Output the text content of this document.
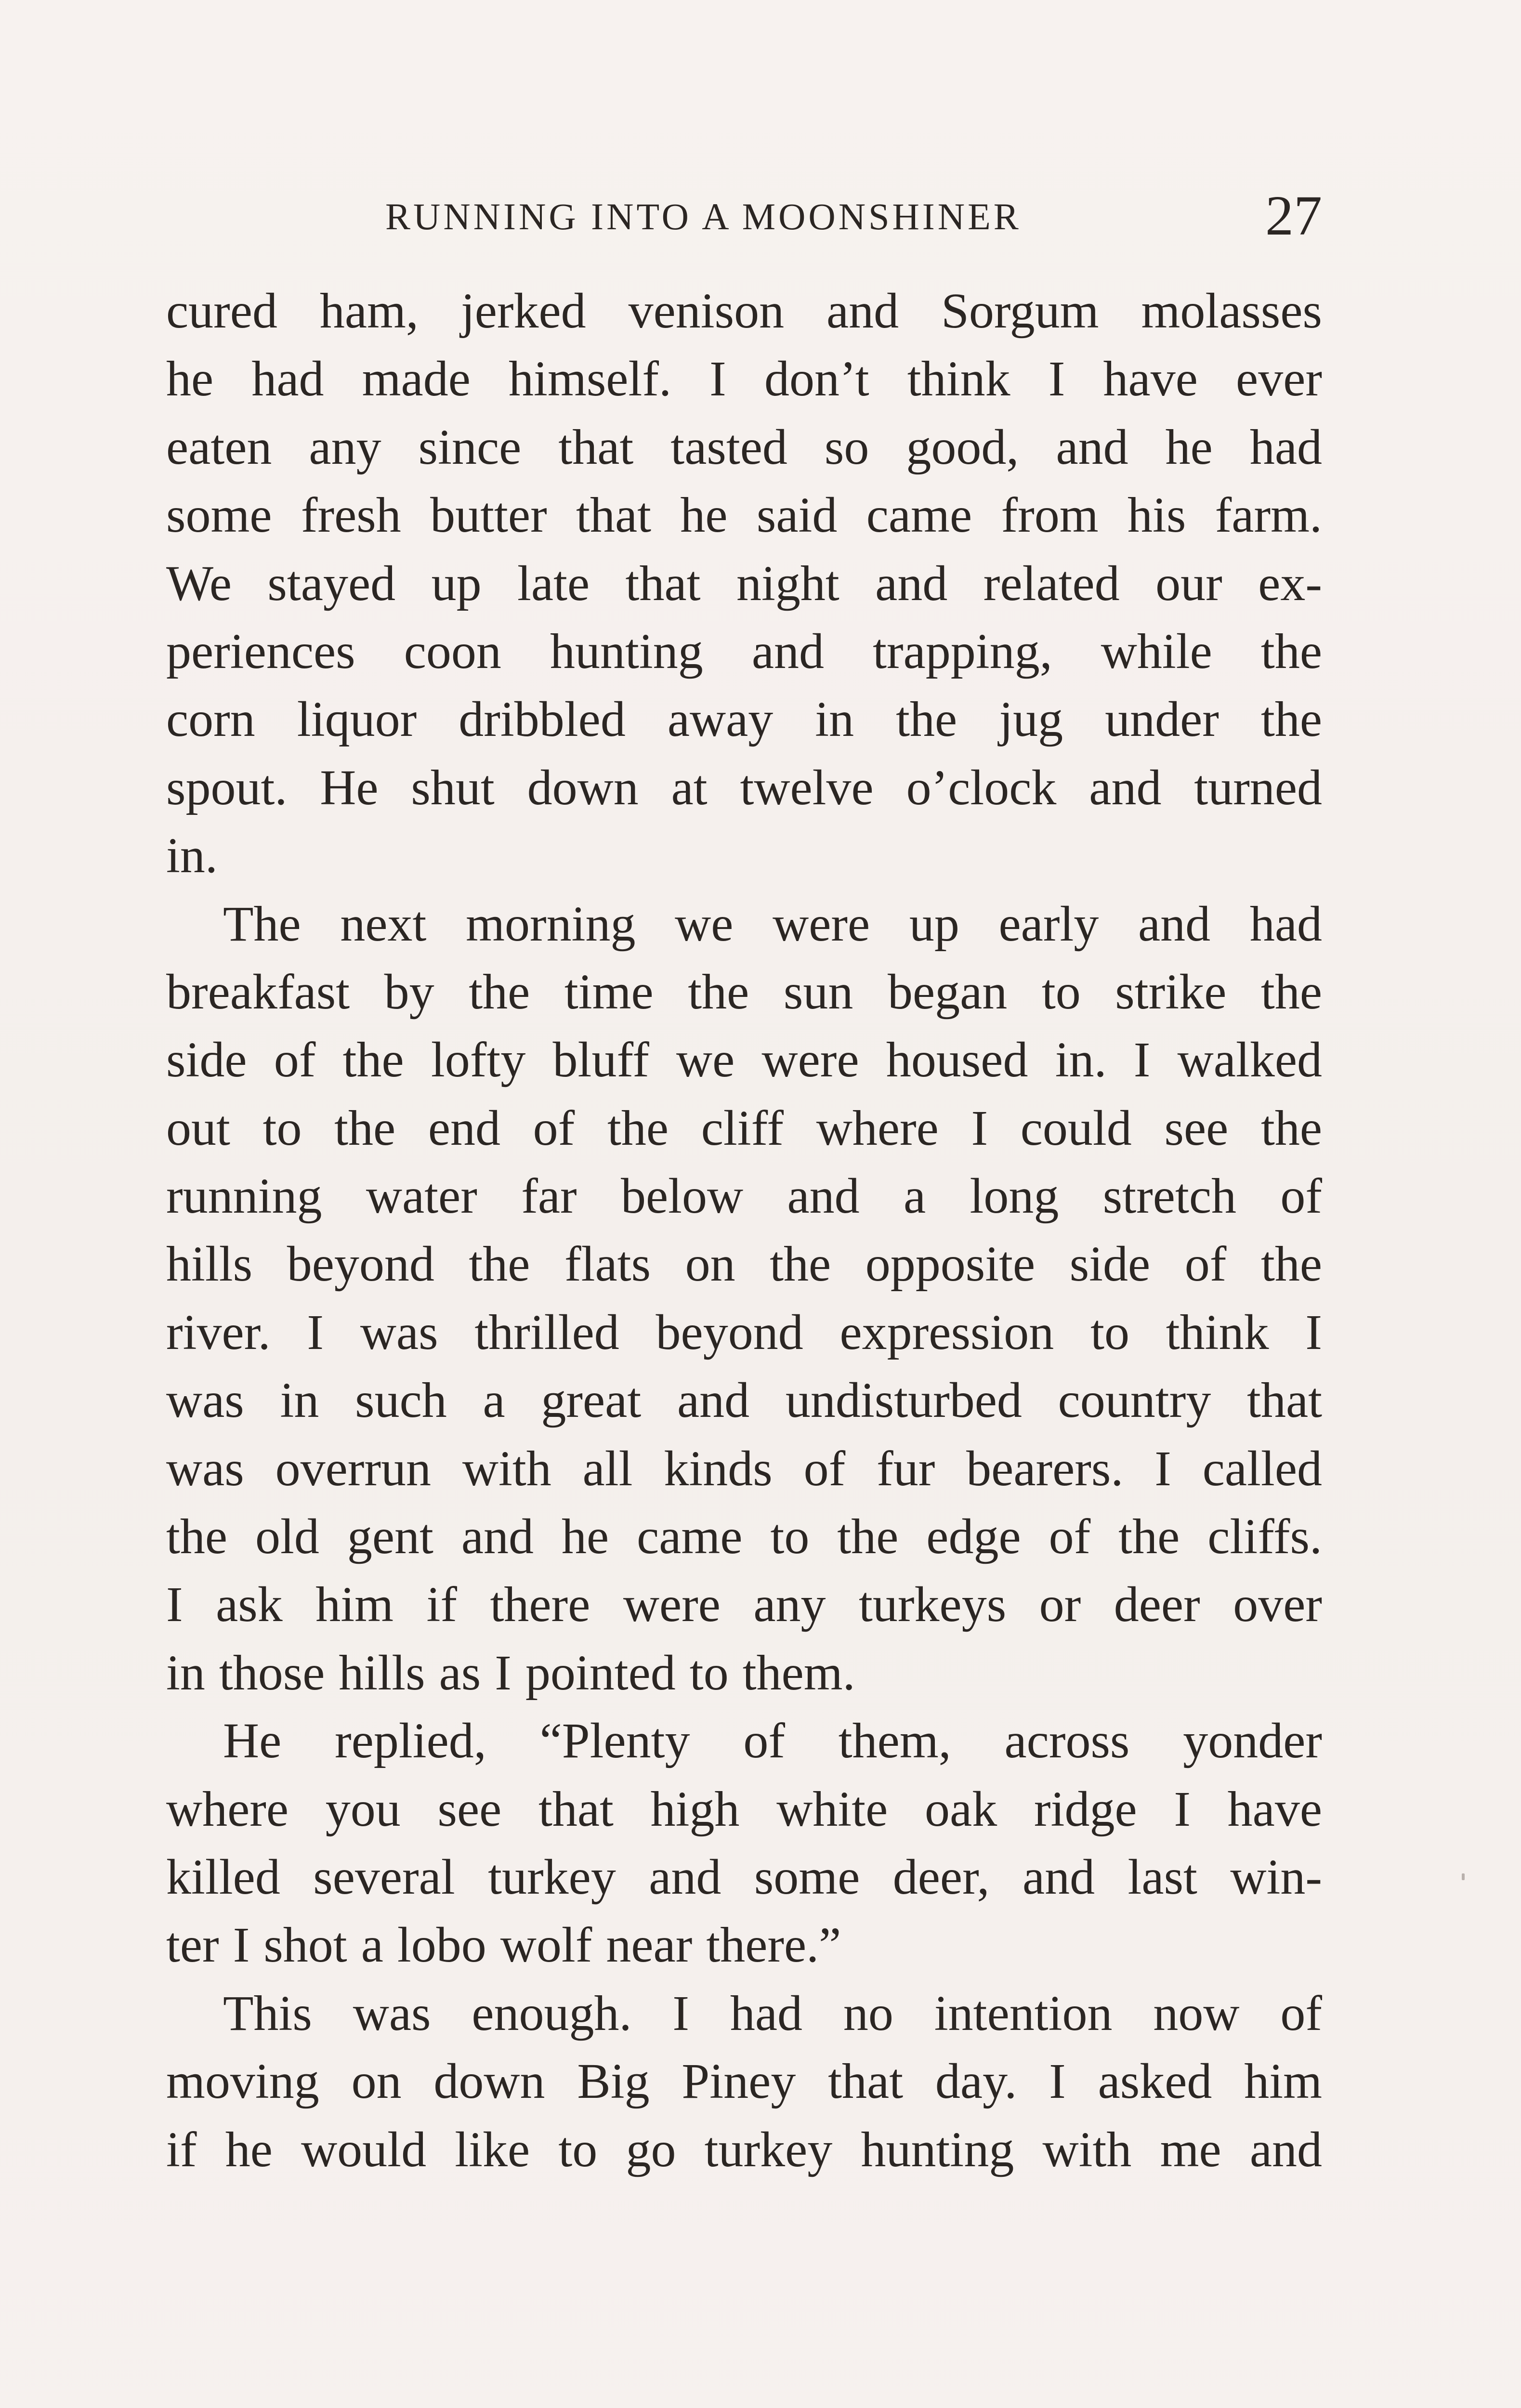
RUNNING INTO A MOONSHINER	27
cured ham, jerked venison and Sorgum molasses
he had made himself. I don’t think I have ever
eaten any since that tasted so good, and he had
some fresh butter that he said came from his farm.
We stayed up late that night and related our ex-
periences coon hunting and trapping, while the
corn liquor dribbled away in the jug under the
spout. He shut down at twelve o’clock and turned
in.
The next morning we were up early and had
breakfast by the time the sun began to strike the
side of the lofty bluff we were housed in. I walked
out to the end of the cliff where I could see the
running water far below and a long stretch of
hills beyond the flats on the opposite side of the
river. I was thrilled beyond expression to think I
was in such a great and undisturbed country that
was overrun with all kinds of fur bearers. I called
the old gent and he came to the edge of the cliffs.
I ask him if there were any turkeys or deer over
in those hills as I pointed to them.
He replied, “Plenty of them, across yonder
where you see that high white oak ridge I have
killed several turkey and some deer, and last win-
ter I shot a lobo wolf near there.”
This was enough. I had no intention now of
moving on down Big Piney that day. I asked him
if he would like to go turkey hunting with me and
